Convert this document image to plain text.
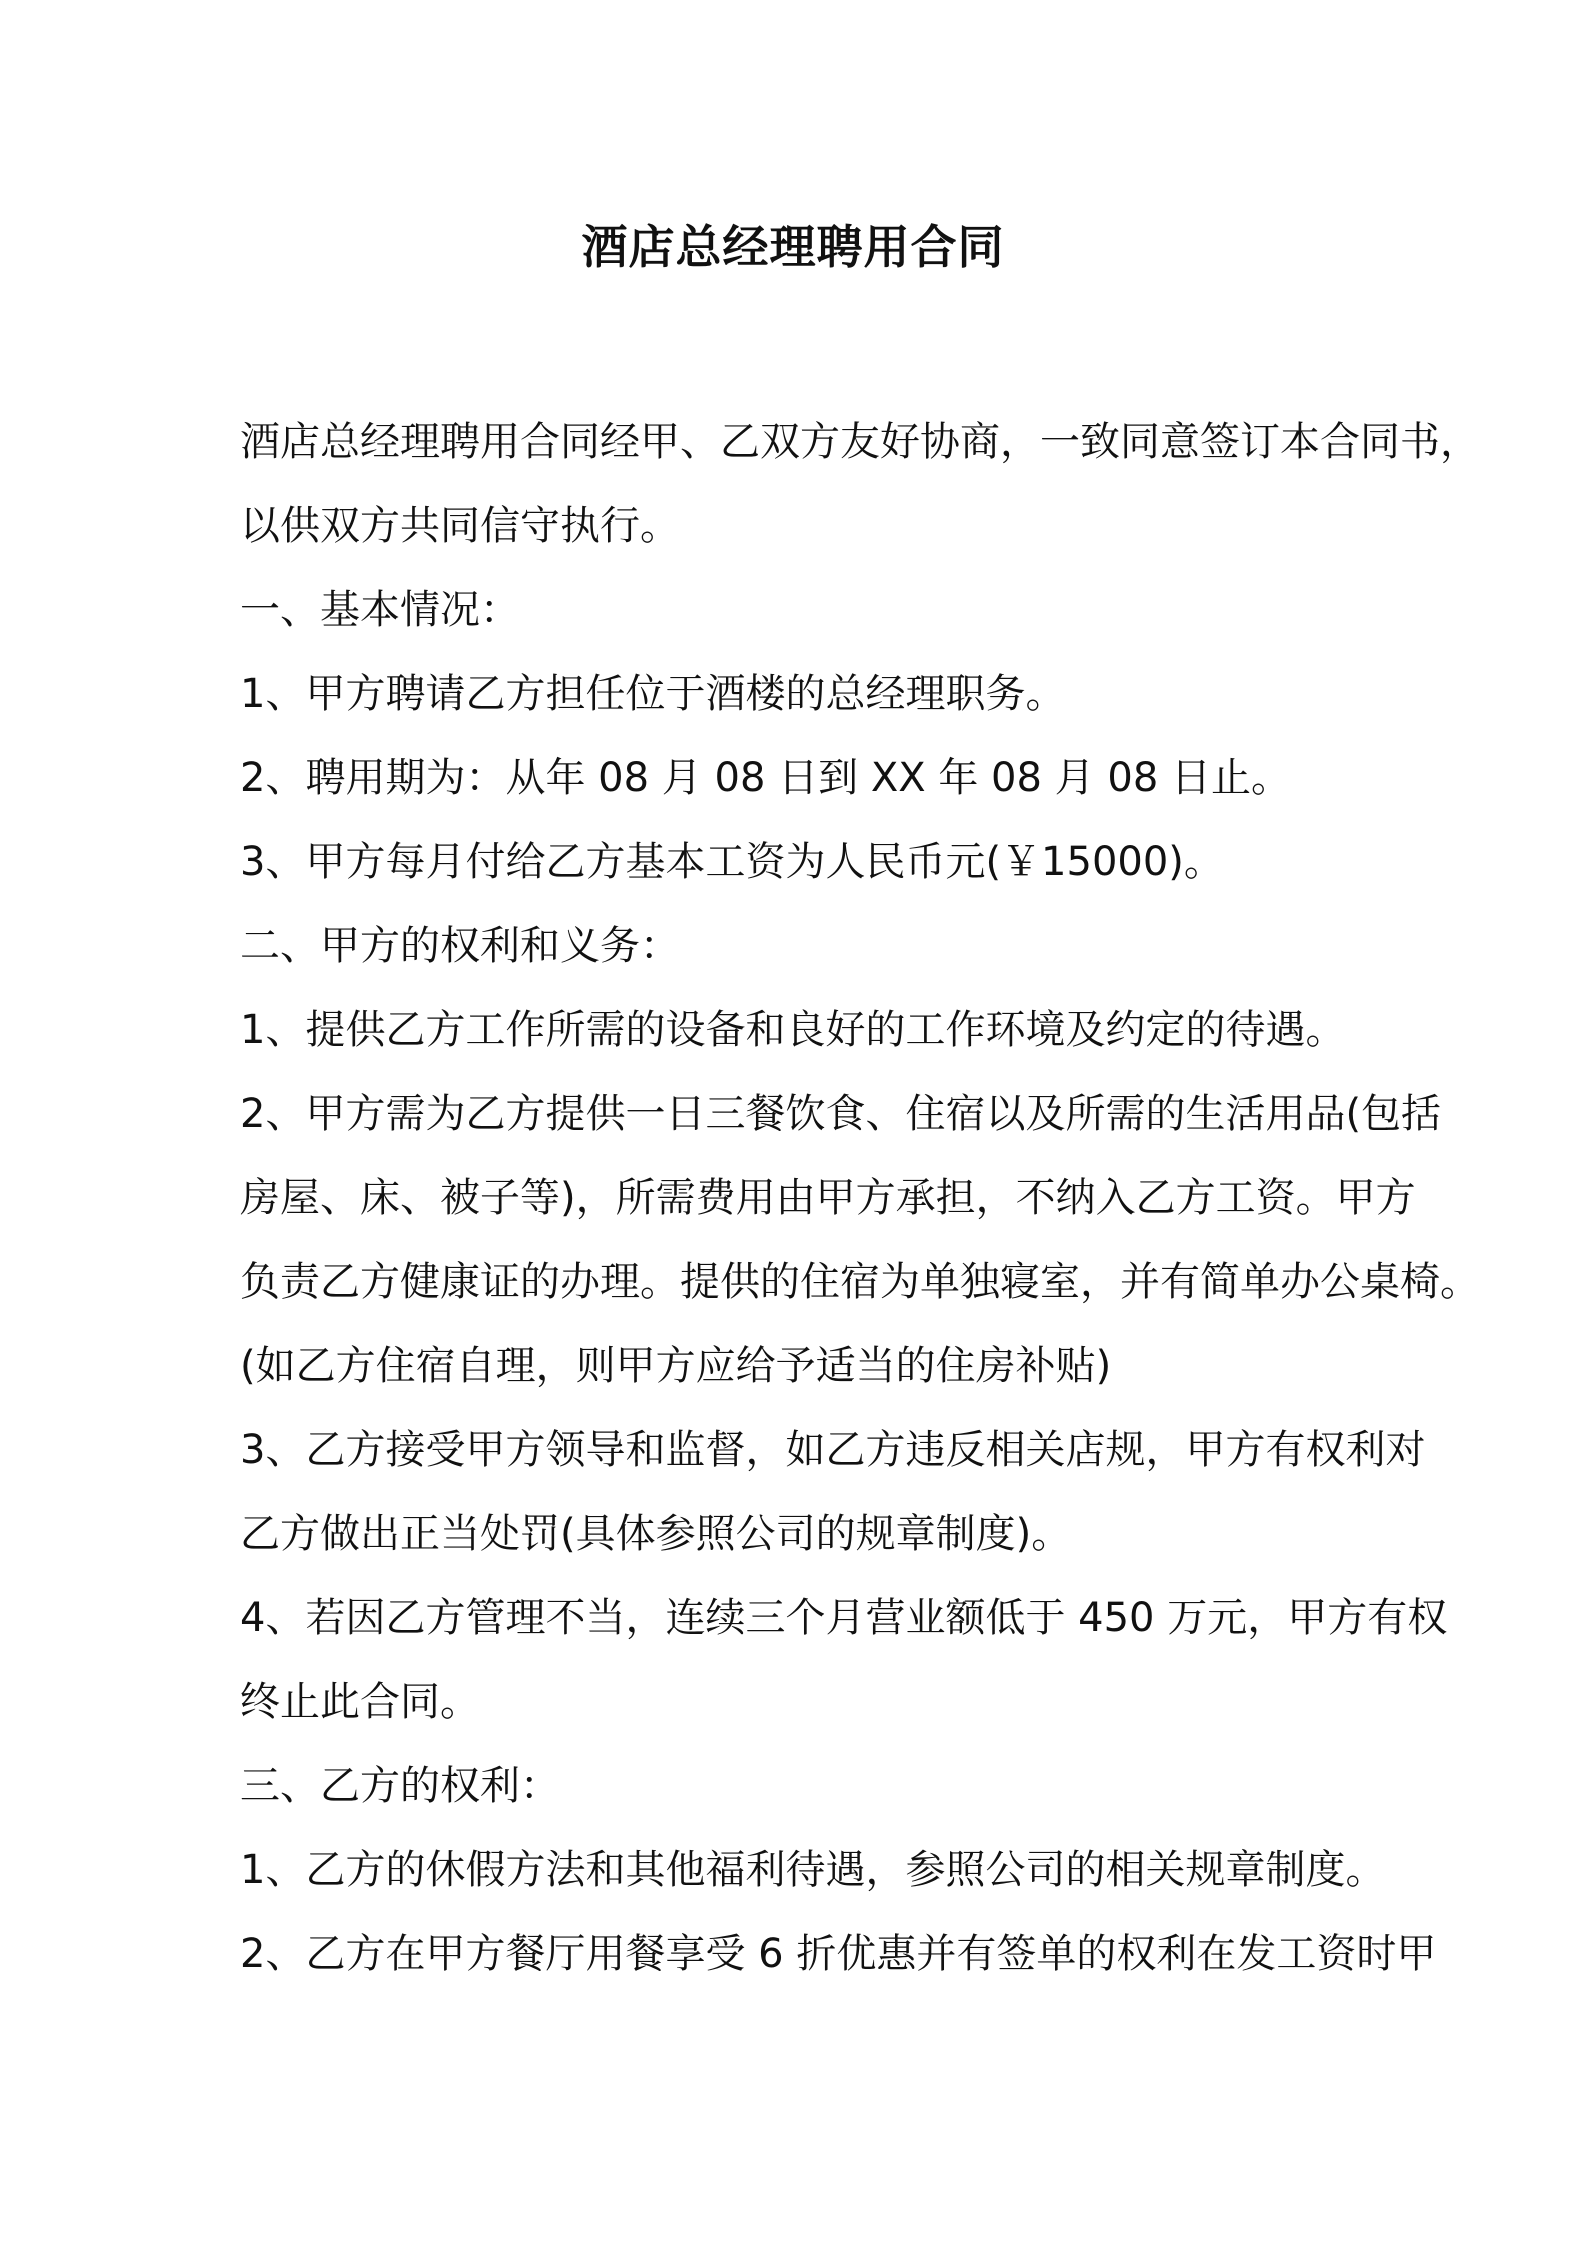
酒店总经理聘用合同
酒店总经理聘用合同经甲、乙双方友好协商，一致同意签订本合同书，
以供双方共同信守执行。
一、基本情况：
1、甲方聘请乙方担任位于酒楼的总经理职务。
2、聘用期为：从年 08 月 08 日到 XX 年 08 月 08 日止。
3、甲方每月付给乙方基本工资为人民币元(￥15000)。
二、甲方的权利和义务：
1、提供乙方工作所需的设备和良好的工作环境及约定的待遇。
2、甲方需为乙方提供一日三餐饮食、住宿以及所需的生活用品(包括
房屋、床、被子等)，所需费用由甲方承担，不纳入乙方工资。甲方
负责乙方健康证的办理。提供的住宿为单独寝室，并有简单办公桌椅。
(如乙方住宿自理，则甲方应给予适当的住房补贴)
3、乙方接受甲方领导和监督，如乙方违反相关店规，甲方有权利对
乙方做出正当处罚(具体参照公司的规章制度)。
4、若因乙方管理不当，连续三个月营业额低于 450 万元，甲方有权
终止此合同。
三、乙方的权利：
1、乙方的休假方法和其他福利待遇，参照公司的相关规章制度。
2、乙方在甲方餐厅用餐享受 6 折优惠并有签单的权利在发工资时甲
